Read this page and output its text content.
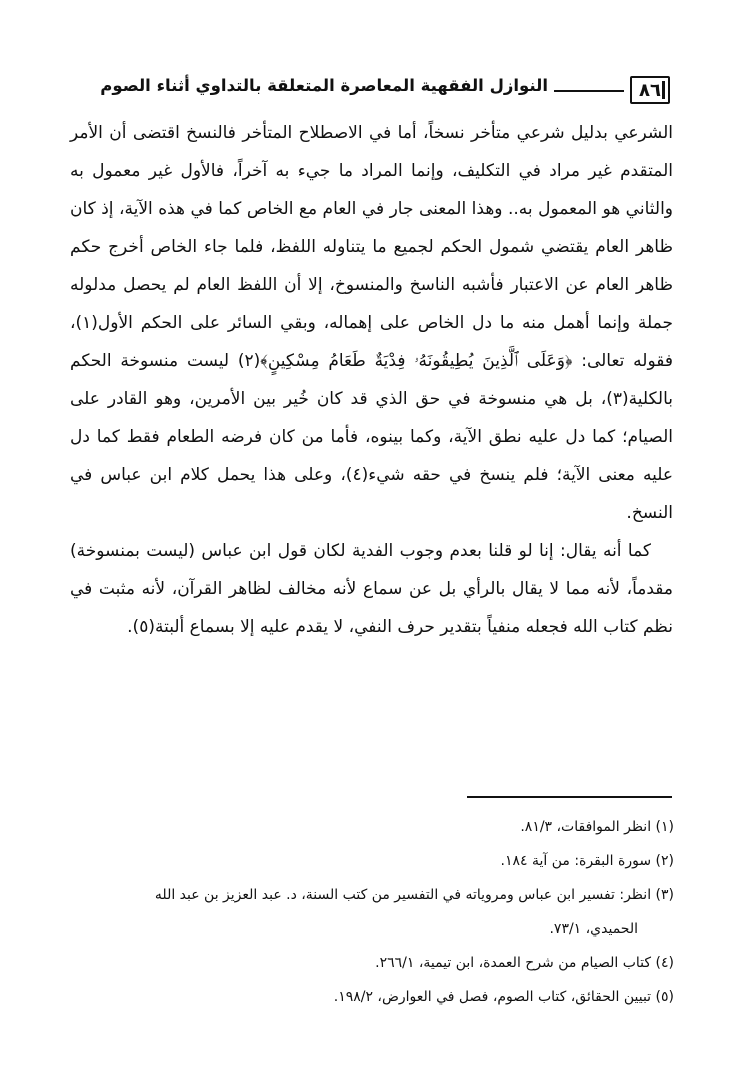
٨٦
النوازل الفقهية المعاصرة المتعلقة بالتداوي أثناء الصوم

الشرعي بدليل شرعي متأخر نسخاً، أما في الاصطلاح المتأخر فالنسخ اقتضى أن الأمر المتقدم غير مراد في التكليف، وإنما المراد ما جيء به آخراً، فالأول غير معمول به والثاني هو المعمول به.. وهذا المعنى جار في العام مع الخاص كما في هذه الآية، إذ كان ظاهر العام يقتضي شمول الحكم لجميع ما يتناوله اللفظ، فلما جاء الخاص أخرج حكم ظاهر العام عن الاعتبار فأشبه الناسخ والمنسوخ، إلا أن اللفظ العام لم يحصل مدلوله جملة وإنما أهمل منه ما دل الخاص على إهماله، وبقي السائر على الحكم الأول(١)، فقوله تعالى: ﴿وَعَلَى ٱلَّذِينَ يُطِيقُونَهُۥ فِدْيَةٌ طَعَامُ مِسْكِينٍ﴾(٢) ليست منسوخة الحكم بالكلية(٣)، بل هي منسوخة في حق الذي قد كان خُير بين الأمرين، وهو القادر على الصيام؛ كما دل عليه نطق الآية، وكما بينوه، فأما من كان فرضه الطعام فقط كما دل عليه معنى الآية؛ فلم ينسخ في حقه شيء(٤)، وعلى هذا يحمل كلام ابن عباس في النسخ.

كما أنه يقال: إنا لو قلنا بعدم وجوب الفدية لكان قول ابن عباس (ليست بمنسوخة) مقدماً، لأنه مما لا يقال بالرأي بل عن سماع لأنه مخالف لظاهر القرآن، لأنه مثبت في نظم كتاب الله فجعله منفياً بتقدير حرف النفي، لا يقدم عليه إلا بسماع ألبتة(٥).

(١) انظر الموافقات، ٨١/٣.

(٢) سورة البقرة: من آية ١٨٤.

(٣) انظر: تفسير ابن عباس ومروياته في التفسير من كتب السنة، د. عبد العزيز بن عبد الله

الحميدي، ٧٣/١.

(٤) كتاب الصيام من شرح العمدة، ابن تيمية، ٢٦٦/١.

(٥) تبيين الحقائق، كتاب الصوم، فصل في العوارض، ١٩٨/٢.
